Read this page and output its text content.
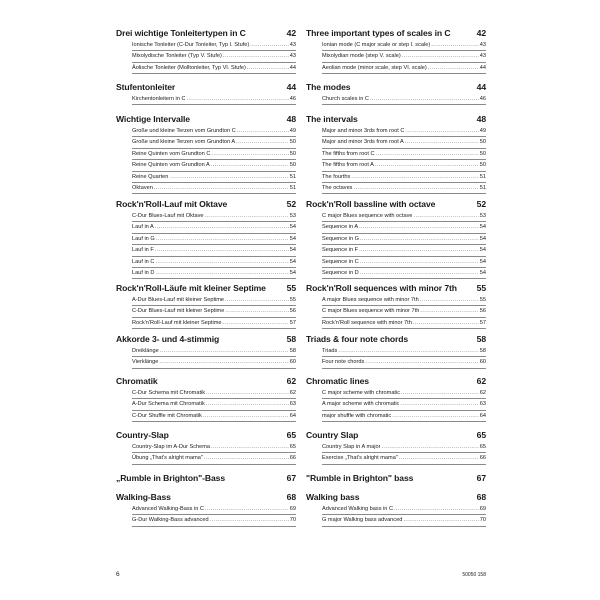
Drei wichtige Tonleitertypen in C	42
Ionische Tonleiter (C-Dur Tonleiter, Typ I. Stufe) .....	43
Mixolydische Tonleiter (Typ V. Stufe) .....	43
Äolische Tonleiter (Molltonleiter, Typ VI. Stufe) .....	44
Stufentonleiter	44
Kirchentonleitern in C .....	46
Wichtige Intervalle	48
Große und kleine Terzen vom Grundton C .....	49
Große und kleine Terzen vom Grundton A .....	50
Reine Quinten vom Grundton C .....	50
Reine Quinten vom Grundton A .....	50
Reine Quarten .....	51
Oktaven .....	51
Rock'n'Roll-Lauf mit Oktave	52
C-Dur Blues-Lauf mit Oktave .....	53
Lauf in A .....	54
Lauf in G .....	54
Lauf in F .....	54
Lauf in C .....	54
Lauf in D .....	54
Rock'n'Roll-Läufe mit kleiner Septime 55
A-Dur Blues-Lauf mit kleiner Septime .....	55
C-Dur Blues-Lauf mit kleiner Septime .....	56
Rock'n'Roll-Lauf mit kleiner Septime .....	57
Akkorde 3- und 4-stimmig	58
Dreiklänge .....	58
Vierklänge .....	60
Chromatik	62
C-Dur Schema mit Chromatik .....	62
A-Dur Schema mit Chromatik .....	63
C-Dur Shuffle mit Chromatik .....	64
Country-Slap	65
Country-Slap im A-Dur Schema .....	65
Übung „That's alright mama" .....	66
„Rumble in Brighton"-Bass	67
Walking-Bass	68
Advanced Walking-Bass in C .....	69
G-Dur Walking-Bass advanced .....	70
Three important types of scales in C	42
Ionian mode (C major scale or step I. scale) .....	43
Mixolydian mode (step V. scale) .....	43
Aeolian mode (minor scale, step VI. scale) .....	44
The modes	44
Church scales in C .....	46
The intervals	48
Major and minor 3rds from root C .....	49
Major and minor 3rds from root A .....	50
The fifths from root C .....	50
The fifths from root A .....	50
The fourths .....	51
The octaves .....	51
Rock'n'Roll bassline with octave	52
C major Blues sequence with octave .....	53
Sequence in A .....	54
Sequence in G .....	54
Sequence in F .....	54
Sequence in C .....	54
Sequence in D .....	54
Rock'n'Roll sequences with minor 7th 55
A major Blues sequence with minor 7th .....	55
C major Blues sequence with minor 7th .....	56
Rock'n'Roll sequence with minor 7th .....	57
Triads & four note chords	58
Triads .....	58
Four note chords .....	60
Chromatic lines	62
C major scheme with chromatic .....	62
A major scheme with chromatic .....	63
major shuffle with chromatic .....	64
Country Slap	65
Country Slap in A major .....	65
Exercise „That's alright mama" .....	66
"Rumble in Brighton" bass	67
Walking bass	68
Advanced Walking bass in C .....	69
G major Walking bass advanced .....	70
6	50050 158
